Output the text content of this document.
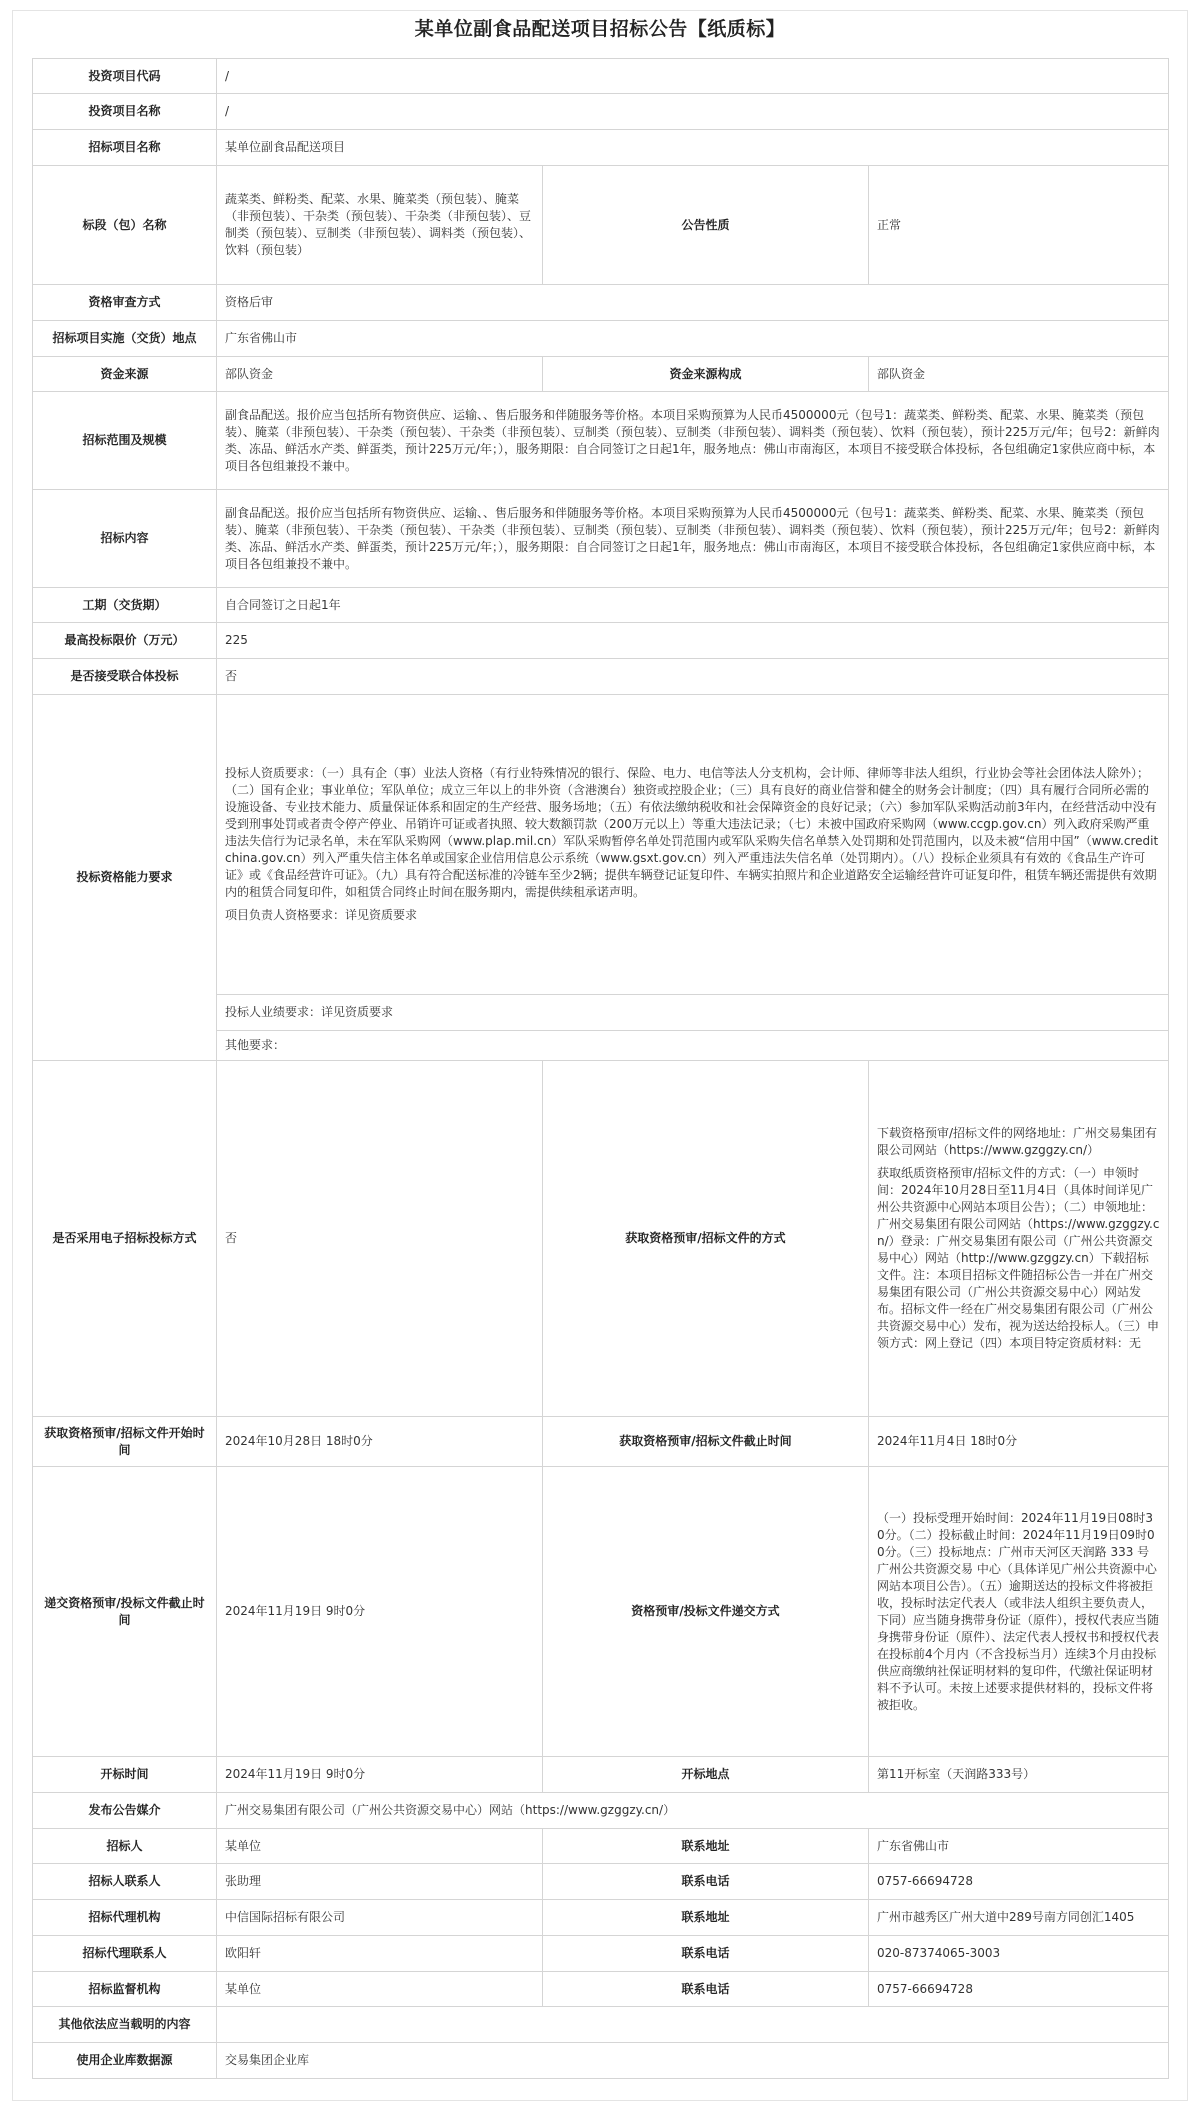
某单位副食品配送项目招标公告【纸质标】
投资项目代码	/		
投资项目名称	/		
招标项目名称	某单位副食品配送项目		
标段（包）名称	蔬菜类、鲜粉类、配菜、水果、腌菜类（预包装）、腌菜（非预包装）、干杂类（预包装）、干杂类（非预包装）、豆制类（预包装）、豆制类（非预包装）、调料类（预包装）、饮料（预包装）	公告性质	正常
资格审查方式	资格后审		
招标项目实施（交货）地点	广东省佛山市		
资金来源	部队资金	资金来源构成	部队资金
招标范围及规模	副食品配送。报价应当包括所有物资供应、运输、、售后服务和伴随服务等价格。本项目采购预算为人民币4500000元（包号1：蔬菜类、鲜粉类、配菜、水果、腌菜类（预包装）、腌菜（非预包装）、干杂类（预包装）、干杂类（非预包装）、豆制类（预包装）、豆制类（非预包装）、调料类（预包装）、饮料（预包装），预计225万元/年；包号2：新鲜肉类、冻品、鲜活水产类、鲜蛋类，预计225万元/年；），服务期限：自合同签订之日起1年，服务地点：佛山市南海区，本项目不接受联合体投标，各包组确定1家供应商中标，本项目各包组兼投不兼中。		
招标内容	副食品配送。报价应当包括所有物资供应、运输、、售后服务和伴随服务等价格。本项目采购预算为人民币4500000元（包号1：蔬菜类、鲜粉类、配菜、水果、腌菜类（预包装）、腌菜（非预包装）、干杂类（预包装）、干杂类（非预包装）、豆制类（预包装）、豆制类（非预包装）、调料类（预包装）、饮料（预包装），预计225万元/年；包号2：新鲜肉类、冻品、鲜活水产类、鲜蛋类，预计225万元/年；），服务期限：自合同签订之日起1年，服务地点：佛山市南海区，本项目不接受联合体投标，各包组确定1家供应商中标，本项目各包组兼投不兼中。		
工期（交货期）	自合同签订之日起1年		
最高投标限价（万元）	225		
是否接受联合体投标	否		
投标资格能力要求	投标人资质要求：（一）具有企（事）业法人资格（有行业特殊情况的银行、保险、电力、电信等法人分支机构，会计师、律师等非法人组织，行业协会等社会团体法人除外）；（二）国有企业；事业单位；军队单位；成立三年以上的非外资（含港澳台）独资或控股企业；（三）具有良好的商业信誉和健全的财务会计制度；（四）具有履行合同所必需的设施设备、专业技术能力、质量保证体系和固定的生产经营、服务场地；（五）有依法缴纳税收和社会保障资金的良好记录；（六）参加军队采购活动前3年内，在经营活动中没有受到刑事处罚或者责令停产停业、吊销许可证或者执照、较大数额罚款（200万元以上）等重大违法记录；（七）未被中国政府采购网（www.ccgp.gov.cn）列入政府采购严重违法失信行为记录名单，未在军队采购网（www.plap.mil.cn）军队采购暂停名单处罚范围内或军队采购失信名单禁入处罚期和处罚范围内，以及未被“信用中国”（www.creditchina.gov.cn）列入严重失信主体名单或国家企业信用信息公示系统（www.gsxt.gov.cn）列入严重违法失信名单（处罚期内）。（八）投标企业须具有有效的《食品生产许可证》或《食品经营许可证》。（九）具有符合配送标准的冷链车至少2辆；提供车辆登记证复印件、车辆实拍照片和企业道路安全运输经营许可证复印件，租赁车辆还需提供有效期内的租赁合同复印件，如租赁合同终止时间在服务期内，需提供续租承诺声明。

项目负责人资格要求：详见资质要求		

	投标人业绩要求：详见资质要求		
	其他要求：		
是否采用电子招标投标方式	否	获取资格预审/招标文件的方式	下载资格预审/招标文件的网络地址：广州交易集团有限公司网站（https://www.gzggzy.cn/）

获取纸质资格预审/招标文件的方式：（一）申领时间：2024年10月28日至11月4日（具体时间详见广州公共资源中心网站本项目公告）；（二）申领地址：广州交易集团有限公司网站（https://www.gzggzy.cn/）登录：广州交易集团有限公司（广州公共资源交易中心）网站（http://www.gzggzy.cn）下载招标文件。注：本项目招标文件随招标公告一并在广州交易集团有限公司（广州公共资源交易中心）网站发布。招标文件一经在广州交易集团有限公司（广州公共资源交易中心）发布，视为送达给投标人。（三）申领方式：网上登记（四）本项目特定资质材料：无

获取资格预审/招标文件开始时间	2024年10月28日 18时0分	获取资格预审/招标文件截止时间	2024年11月4日 18时0分
递交资格预审/投标文件截止时间	2024年11月19日 9时0分	资格预审/投标文件递交方式	（一）投标受理开始时间：2024年11月19日08时30分。（二）投标截止时间：2024年11月19日09时00分。（三）投标地点：广州市天河区天润路 333 号广州公共资源交易 中心（具体详见广州公共资源中心网站本项目公告）。（五）逾期送达的投标文件将被拒收，投标时法定代表人（或非法人组织主要负责人，下同）应当随身携带身份证（原件），授权代表应当随身携带身份证（原件）、法定代表人授权书和授权代表在投标前4个月内（不含投标当月）连续3个月由投标供应商缴纳社保证明材料的复印件，代缴社保证明材料不予认可。未按上述要求提供材料的，投标文件将被拒收。
开标时间	2024年11月19日 9时0分	开标地点	第11开标室（天润路333号）
发布公告媒介	广州交易集团有限公司（广州公共资源交易中心）网站（https://www.gzggzy.cn/）		
招标人	某单位	联系地址	广东省佛山市
招标人联系人	张助理	联系电话	0757-66694728
招标代理机构	中信国际招标有限公司	联系地址	广州市越秀区广州大道中289号南方同创汇1405
招标代理联系人	欧阳轩	联系电话	020-87374065-3003
招标监督机构	某单位	联系电话	0757-66694728
其他依法应当载明的内容			
使用企业库数据源	交易集团企业库		
